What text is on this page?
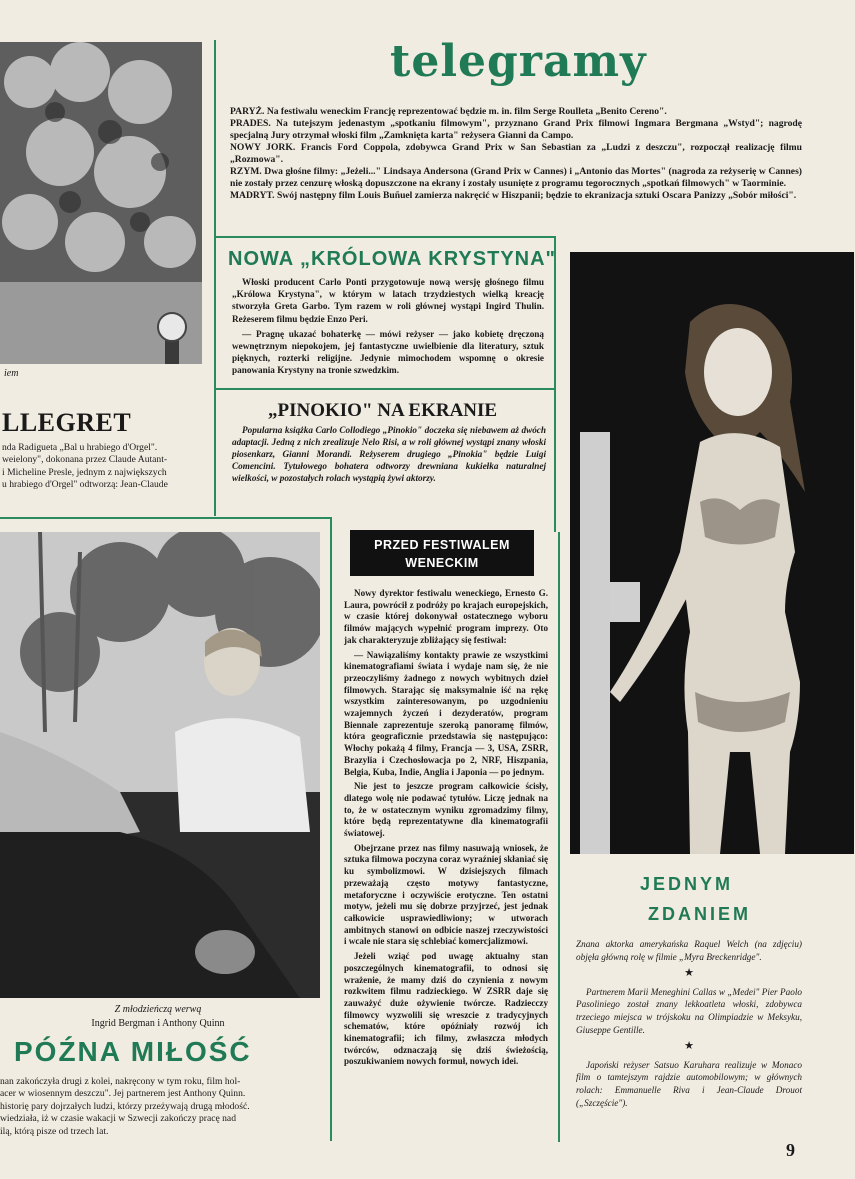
iem
LLEGRET
nda Radigueta „Bal u hrabiego d'Orgel".
weielony", dokonana przez Claude Autant-
i Micheline Presle, jednym z największych
u hrabiego d'Orgel" odtworzą: Jean-Claude
telegramy

PARYŻ. Na festiwalu weneckim Francję reprezentować będzie m. in. film Serge Roulleta „Benito Cereno".

PRADES. Na tutejszym jedenastym „spotkaniu filmowym", przyznano Grand Prix filmowi Ingmara Bergmana „Wstyd"; nagrodę specjalną Jury otrzymał włoski film „Zamknięta karta" reżysera Gianni da Campo.

NOWY JORK. Francis Ford Coppola, zdobywca Grand Prix w San Sebastian za „Ludzi z deszczu", rozpoczął realizację filmu „Rozmowa".

RZYM. Dwa głośne filmy: „Jeżeli..." Lindsaya Andersona (Grand Prix w Cannes) i „Antonio das Mortes" (nagroda za reżyserię w Cannes) nie zostały przez cenzurę włoską dopuszczone na ekrany i zostały usunięte z programu tegorocznych „spotkań filmowych" w Taorminie.

MADRYT. Swój następny film Louis Buñuel zamierza nakręcić w Hiszpanii; będzie to ekranizacja sztuki Oscara Panizzy „Sobór miłości".

NOWA „KRÓLOWA KRYSTYNA"

Włoski producent Carlo Ponti przygotowuje nową wersję głośnego filmu „Królowa Krystyna", w którym w latach trzydziestych wielką kreację stworzyła Greta Garbo. Tym razem w roli głównej wystąpi Ingird Thulin. Reżeserem filmu będzie Enzo Peri.

— Pragnę ukazać bohaterkę — mówi reżyser — jako kobietę dręczoną wewnętrznym niepokojem, jej fantastyczne uwielbienie dla literatury, sztuk pięknych, rozterki religijne. Jedynie mimochodem wspomnę o okresie panowania Krystyny na tronie szwedzkim.

„PINOKIO" NA EKRANIE

Popularna książka Carlo Collodiego „Pinokio" doczeka się niebawem aż dwóch adaptacji. Jedną z nich zrealizuje Nelo Risi, a w roli głównej wystąpi znany włoski piosenkarz, Gianni Morandi. Reżyserem drugiego „Pinokia" będzie Luigi Comencini. Tytułowego bohatera odtworzy drewniana kukiełka naturalnej wielkości, w pozostałych rolach wystąpią żywi aktorzy.

JEDNYM
ZDANIEM

Znana aktorka amerykańska Raquel Welch (na zdjęciu) objęła główną rolę w filmie „Myra Breckenridge".

★

Partnerem Marii Meneghini Callas w „Medei" Pier Paolo Pasoliniego został znany lekkoatleta włoski, zdobywca trzeciego miejsca w trójskoku na Olimpiadzie w Meksyku, Giuseppe Gentille.

★

Japoński reżyser Satsuo Karuhara realizuje w Monaco film o tamtejszym rajdzie automobilowym; w głównych rolach: Emmanuelle Riva i Jean-Claude Drouot („Szczęście").

Z młodzieńczą werwą
Ingrid Bergman i Anthony Quinn
PÓŹNA MIŁOŚĆ
nan zakończyła drugi z kolei, nakręcony w tym roku, film hol-
acer w wiosennym deszczu". Jej partnerem jest Anthony Quinn.
historię pary dojrzałych ludzi, którzy przeżywają drugą młodość.
wiedziała, iż w czasie wakacji w Szwecji zakończy pracę nad
ilą, którą pisze od trzech lat.
PRZED FESTIWALEM
WENECKIM

Nowy dyrektor festiwalu weneckiego, Ernesto G. Laura, powrócił z podróży po krajach europejskich, w czasie której dokonywał ostatecznego wyboru filmów mających wypełnić program imprezy. Oto jak charakteryzuje zbliżający się festiwal:

— Nawiązaliśmy kontakty prawie ze wszystkimi kinematografiami świata i wydaje nam się, że nie przeoczyliśmy żadnego z nowych wybitnych dzieł filmowych. Starając się maksymalnie iść na rękę wszystkim zainteresowanym, po uzgodnieniu wzajemnych życzeń i dezyderatów, program Biennale zaprezentuje szeroką panoramę filmów, która geograficznie przedstawia się następująco: Włochy pokażą 4 filmy, Francja — 3, USA, ZSRR, Brazylia i Czechosłowacja po 2, NRF, Hiszpania, Belgia, Kuba, Indie, Anglia i Japonia — po jednym.

Nie jest to jeszcze program całkowicie ścisły, dlatego wolę nie podawać tytułów. Liczę jednak na to, że w ostatecznym wyniku zgromadzimy filmy, które będą reprezentatywne dla kinematografii światowej.

Obejrzane przez nas filmy nasuwają wniosek, że sztuka filmowa poczyna coraz wyraźniej skłaniać się ku symbolizmowi. W dzisiejszych filmach przeważają często motywy fantastyczne, metaforyczne i oczywiście erotyczne. Ten ostatni motyw, jeżeli mu się dobrze przyjrzeć, jest jednak całkowicie usprawiedliwiony; w utworach ambitnych stanowi on odbicie naszej rzeczywistości i wcale nie stara się schlebiać komercjalizmowi.

Jeżeli wziąć pod uwagę aktualny stan poszczególnych kinematografii, to odnosi się wrażenie, że mamy dziś do czynienia z nowym rozkwitem filmu radzieckiego. W ZSRR daje się zauważyć duże ożywienie twórcze. Radziecczy filmowcy wyzwolili się wreszcie z tradycyjnych schematów, które opóźniały rozwój ich kinematografii; ich filmy, zwłaszcza młodych twórców, odznaczają się dziś świeżością, poszukiwaniem nowych formuł, nowych idei.

9
